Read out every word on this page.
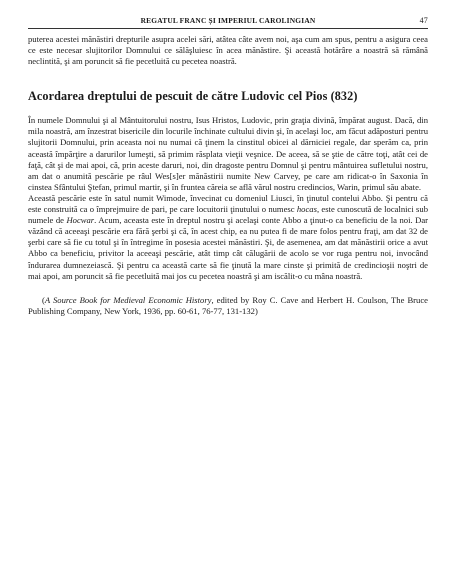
REGATUL FRANC ȘI IMPERIUL CAROLINGIAN	47

puterea acestei mănăstiri drepturile asupra acelei sări, atâtea câte avem noi, aşa cum am spus, pentru a asigura ceea ce este necesar slujitorilor Domnului ce sălăşluiesc în acea mănăstire. Şi această hotărâre a noastră să rămână neclintită, şi am poruncit să fie pecetluită cu pecetea noastră.

Acordarea dreptului de pescuit de către Ludovic cel Pios (832)

În numele Domnului şi al Mântuitorului nostru, Isus Hristos, Ludovic, prin graţia divină, împărat august. Dacă, din mila noastră, am înzestrat bisericile din locurile închinate cultului divin şi, în acelaşi loc, am făcut adăposturi pentru slujitorii Domnului, prin aceasta noi nu numai că ţinem la cinstitul obicei al dărniciei regale, dar sperăm ca, prin această împărţire a darurilor lumeşti, să primim răsplata vieţii veşnice. De aceea, să se ştie de către toţi, atât cei de faţă, cât şi de mai apoi, că, prin aceste daruri, noi, din dragoste pentru Domnul şi pentru mântuirea sufletului nostru, am dat o anumită pescărie pe râul Wes[s]er mănăstirii numite New Carvey, pe care am ridicat-o în Saxonia în cinstea Sfântului Ştefan, primul martir, şi în fruntea căreia se află vărul nostru credincios, Warin, primul său abate.

Această pescărie este în satul numit Wimode, învecinat cu domeniul Liusci, în ţinutul contelui Abbo. Şi pentru că este construită ca o împrejmuire de pari, pe care locuitorii ţinutului o numesc hocas, este cunoscută de localnici sub numele de Hocwar. Acum, aceasta este în dreptul nostru şi acelaşi conte Abbo a ţinut-o ca beneficiu de la noi. Dar văzând că aceeaşi pescărie era fără şerbi şi că, în acest chip, ea nu putea fi de mare folos pentru fraţi, am dat 32 de şerbi care să fie cu totul şi în întregime în posesia acestei mănăstiri. Şi, de asemenea, am dat mănăstirii orice a avut Abbo ca beneficiu, privitor la aceeaşi pescărie, atât timp cât călugării de acolo se vor ruga pentru noi, invocând îndurarea dumnezeiască. Şi pentru ca această carte să fie ţinută la mare cinste şi primită de credincioşii noştri de mai apoi, am poruncit să fie pecetluită mai jos cu pecetea noastră şi am iscălit-o cu mâna noastră.

(A Source Book for Medieval Economic History, edited by Roy C. Cave and Herbert H. Coulson, The Bruce Publishing Company, New York, 1936, pp. 60-61, 76-77, 131-132)
